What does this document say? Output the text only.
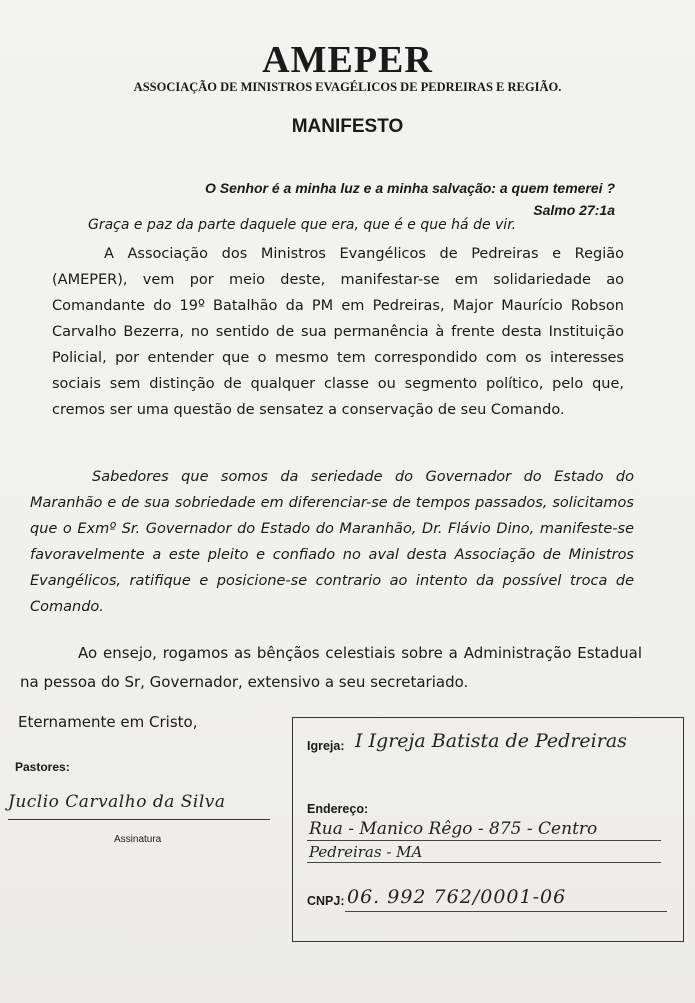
AMEPER
ASSOCIAÇÃO DE MINISTROS EVAGÉLICOS DE PEDREIRAS E REGIÃO.
MANIFESTO
O Senhor é a minha luz e a minha salvação: a quem temerei ?
Salmo 27:1a
Graça e paz da parte daquele que era, que é e que há de vir.
A Associação dos Ministros Evangélicos de Pedreiras e Região (AMEPER), vem por meio deste, manifestar-se em solidariedade ao Comandante do 19º Batalhão da PM em Pedreiras, Major Maurício Robson Carvalho Bezerra, no sentido de sua permanência à frente desta Instituição Policial, por entender que o mesmo tem correspondido com os interesses sociais sem distinção de qualquer classe ou segmento político, pelo que, cremos ser uma questão de sensatez a conservação de seu Comando.
Sabedores que somos da seriedade do Governador do Estado do Maranhão e de sua sobriedade em diferenciar-se de tempos passados, solicitamos que o Exmº Sr. Governador do Estado do Maranhão, Dr. Flávio Dino, manifeste-se favoravelmente a este pleito e confiado no aval desta Associação de Ministros Evangélicos, ratifique e posicione-se contrario ao intento da possível troca de Comando.
Ao ensejo, rogamos as bênçãos celestiais sobre a Administração Estadual na pessoa do Sr, Governador, extensivo a seu secretariado.
Eternamente em Cristo,
Pastores:
Juclio Carvalho da Silva
Assinatura
Igreja: I Igreja Batista de Pedreiras
Endereço:
Rua - Manico Rêgo - 875 - Centro
Pedreiras - MA
CNPJ: 06. 992 762/0001-06
